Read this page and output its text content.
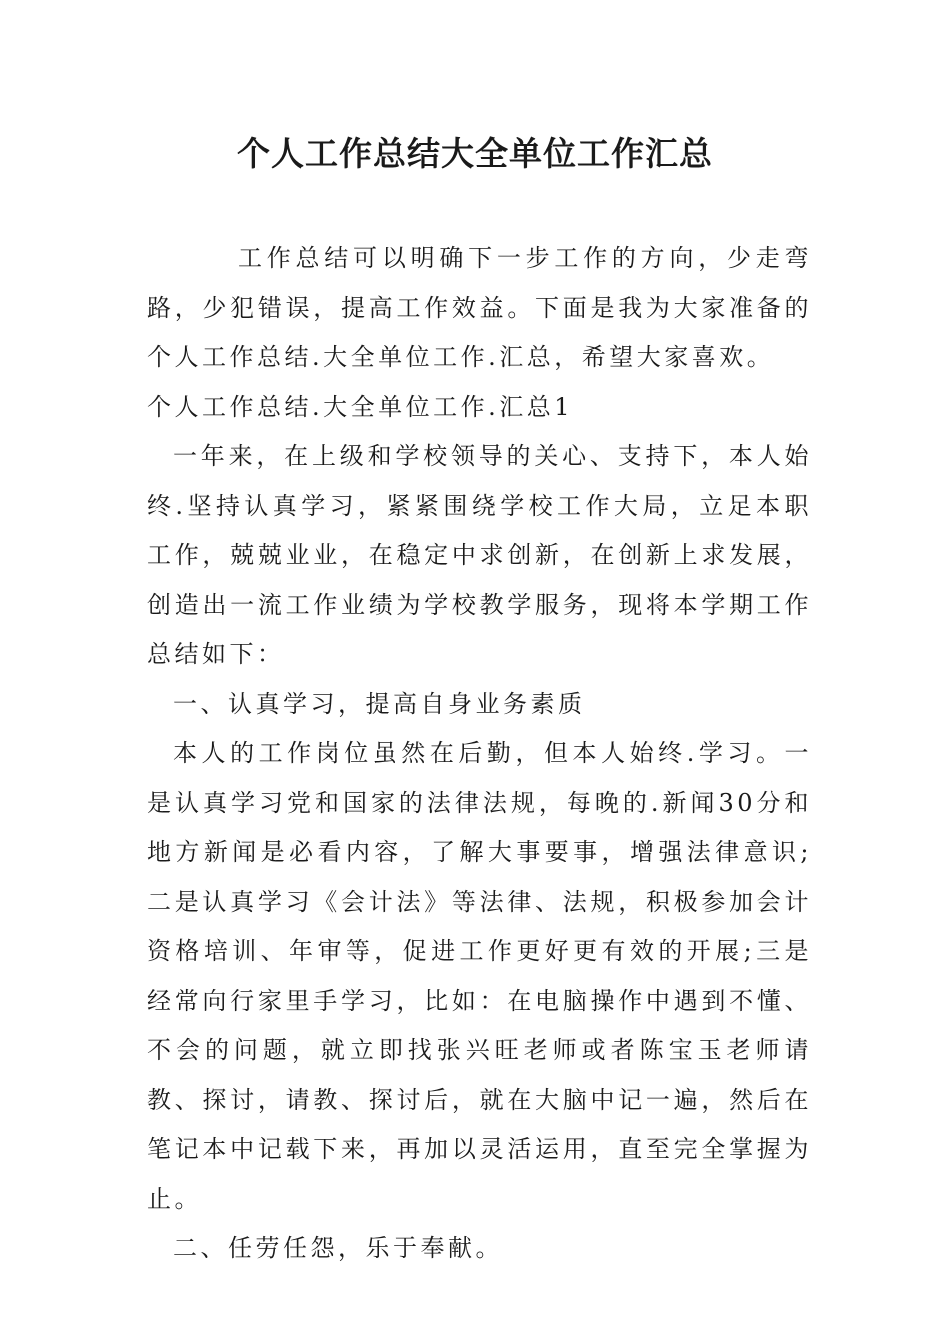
个人工作总结大全单位工作汇总

工作总结可以明确下一步工作的方向，少走弯路，少犯错误，提高工作效益。下面是我为大家准备的个人工作总结.大全单位工作.汇总，希望大家喜欢。

个人工作总结.大全单位工作.汇总1

一年来，在上级和学校领导的关心、支持下，本人始终.坚持认真学习，紧紧围绕学校工作大局，立足本职工作，兢兢业业，在稳定中求创新，在创新上求发展，创造出一流工作业绩为学校教学服务，现将本学期工作总结如下：

一、认真学习，提高自身业务素质

本人的工作岗位虽然在后勤，但本人始终.学习。一是认真学习党和国家的法律法规，每晚的.新闻30分和地方新闻是必看内容，了解大事要事，增强法律意识;二是认真学习《会计法》等法律、法规，积极参加会计资格培训、年审等，促进工作更好更有效的开展;三是经常向行家里手学习，比如：在电脑操作中遇到不懂、不会的问题，就立即找张兴旺老师或者陈宝玉老师请教、探讨，请教、探讨后，就在大脑中记一遍，然后在笔记本中记载下来，再加以灵活运用，直至完全掌握为止。

二、任劳任怨，乐于奉献。
